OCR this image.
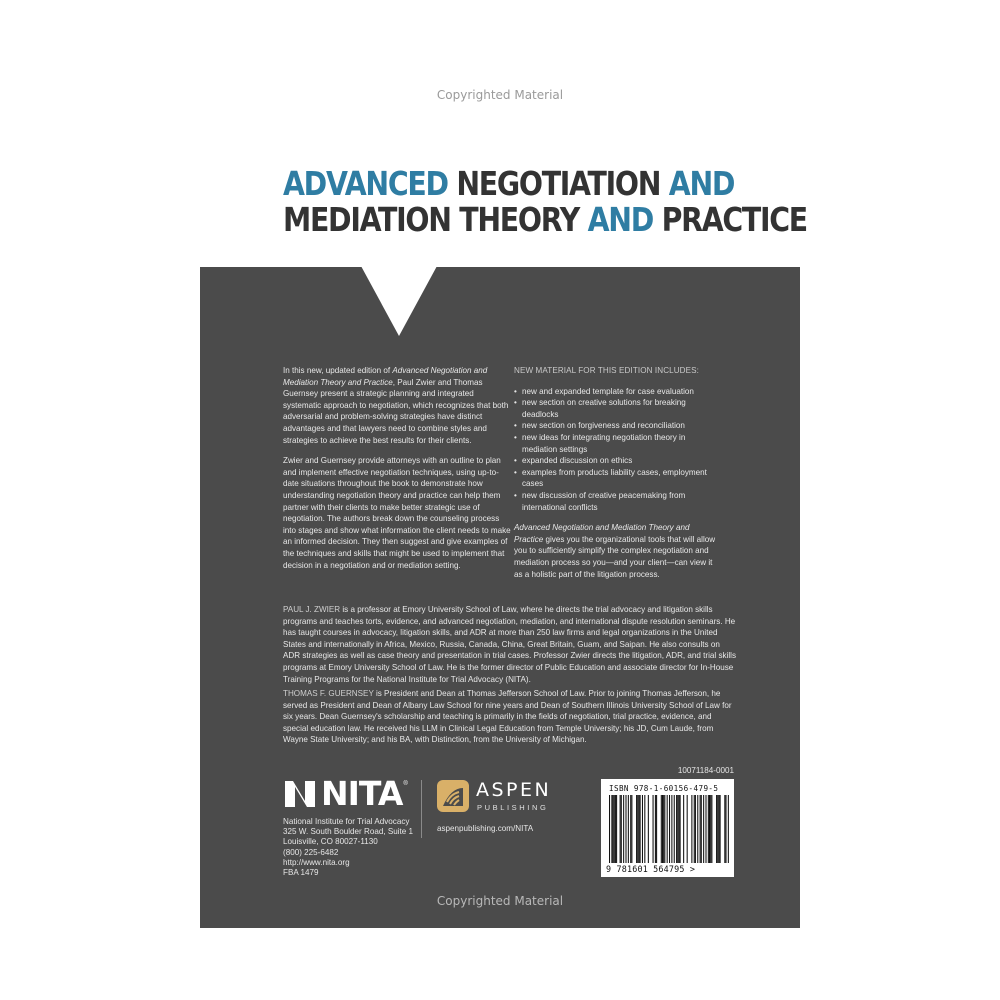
Copyrighted Material
ADVANCED NEGOTIATION AND
MEDIATION THEORY AND PRACTICE

In this new, updated edition of Advanced Negotiation and Mediation Theory and Practice, Paul Zwier and Thomas Guernsey present a strategic planning and integrated systematic approach to negotiation, which recognizes that both adversarial and problem-solving strategies have distinct advantages and that lawyers need to combine styles and strategies to achieve the best results for their clients.

Zwier and Guernsey provide attorneys with an outline to plan and implement effective negotiation techniques, using up-to-date situations throughout the book to demonstrate how understanding negotiation theory and practice can help them partner with their clients to make better strategic use of negotiation. The authors break down the counseling process into stages and show what information the client needs to make an informed decision. They then suggest and give examples of the techniques and skills that might be used to implement that decision in a negotiation and or mediation setting.

NEW MATERIAL FOR THIS EDITION INCLUDES:

• new and expanded template for case evaluation
• new section on creative solutions for breaking deadlocks
• new section on forgiveness and reconciliation
• new ideas for integrating negotiation theory in mediation settings
• expanded discussion on ethics
• examples from products liability cases, employment cases
• new discussion of creative peacemaking from international conflicts

Advanced Negotiation and Mediation Theory and Practice gives you the organizational tools that will allow you to sufficiently simplify the complex negotiation and mediation process so you—and your client—can view it as a holistic part of the litigation process.

PAUL J. ZWIER is a professor at Emory University School of Law, where he directs the trial advocacy and litigation skills programs and teaches torts, evidence, and advanced negotiation, mediation, and international dispute resolution seminars. He has taught courses in advocacy, litigation skills, and ADR at more than 250 law firms and legal organizations in the United States and internationally in Africa, Mexico, Russia, Canada, China, Great Britain, Guam, and Saipan. He also consults on ADR strategies as well as case theory and presentation in trial cases. Professor Zwier directs the litigation, ADR, and trial skills programs at Emory University School of Law. He is the former director of Public Education and associate director for In-House Training Programs for the National Institute for Trial Advocacy (NITA).

THOMAS F. GUERNSEY is President and Dean at Thomas Jefferson School of Law. Prior to joining Thomas Jefferson, he served as President and Dean of Albany Law School for nine years and Dean of Southern Illinois University School of Law for six years. Dean Guernsey's scholarship and teaching is primarily in the fields of negotiation, trial practice, evidence, and special education law. He received his LLM in Clinical Legal Education from Temple University; his JD, Cum Laude, from Wayne State University; and his BA, with Distinction, from the University of Michigan.

NITA ®
National Institute for Trial Advocacy
325 W. South Boulder Road, Suite 1
Louisville, CO 80027-1130
(800) 225-6482
http://www.nita.org
FBA 1479
ASPEN
PUBLISHING
aspenpublishing.com/NITA
10071184-0001
ISBN 978-1-60156-479-5
9 781601 564795 >
Copyrighted Material
